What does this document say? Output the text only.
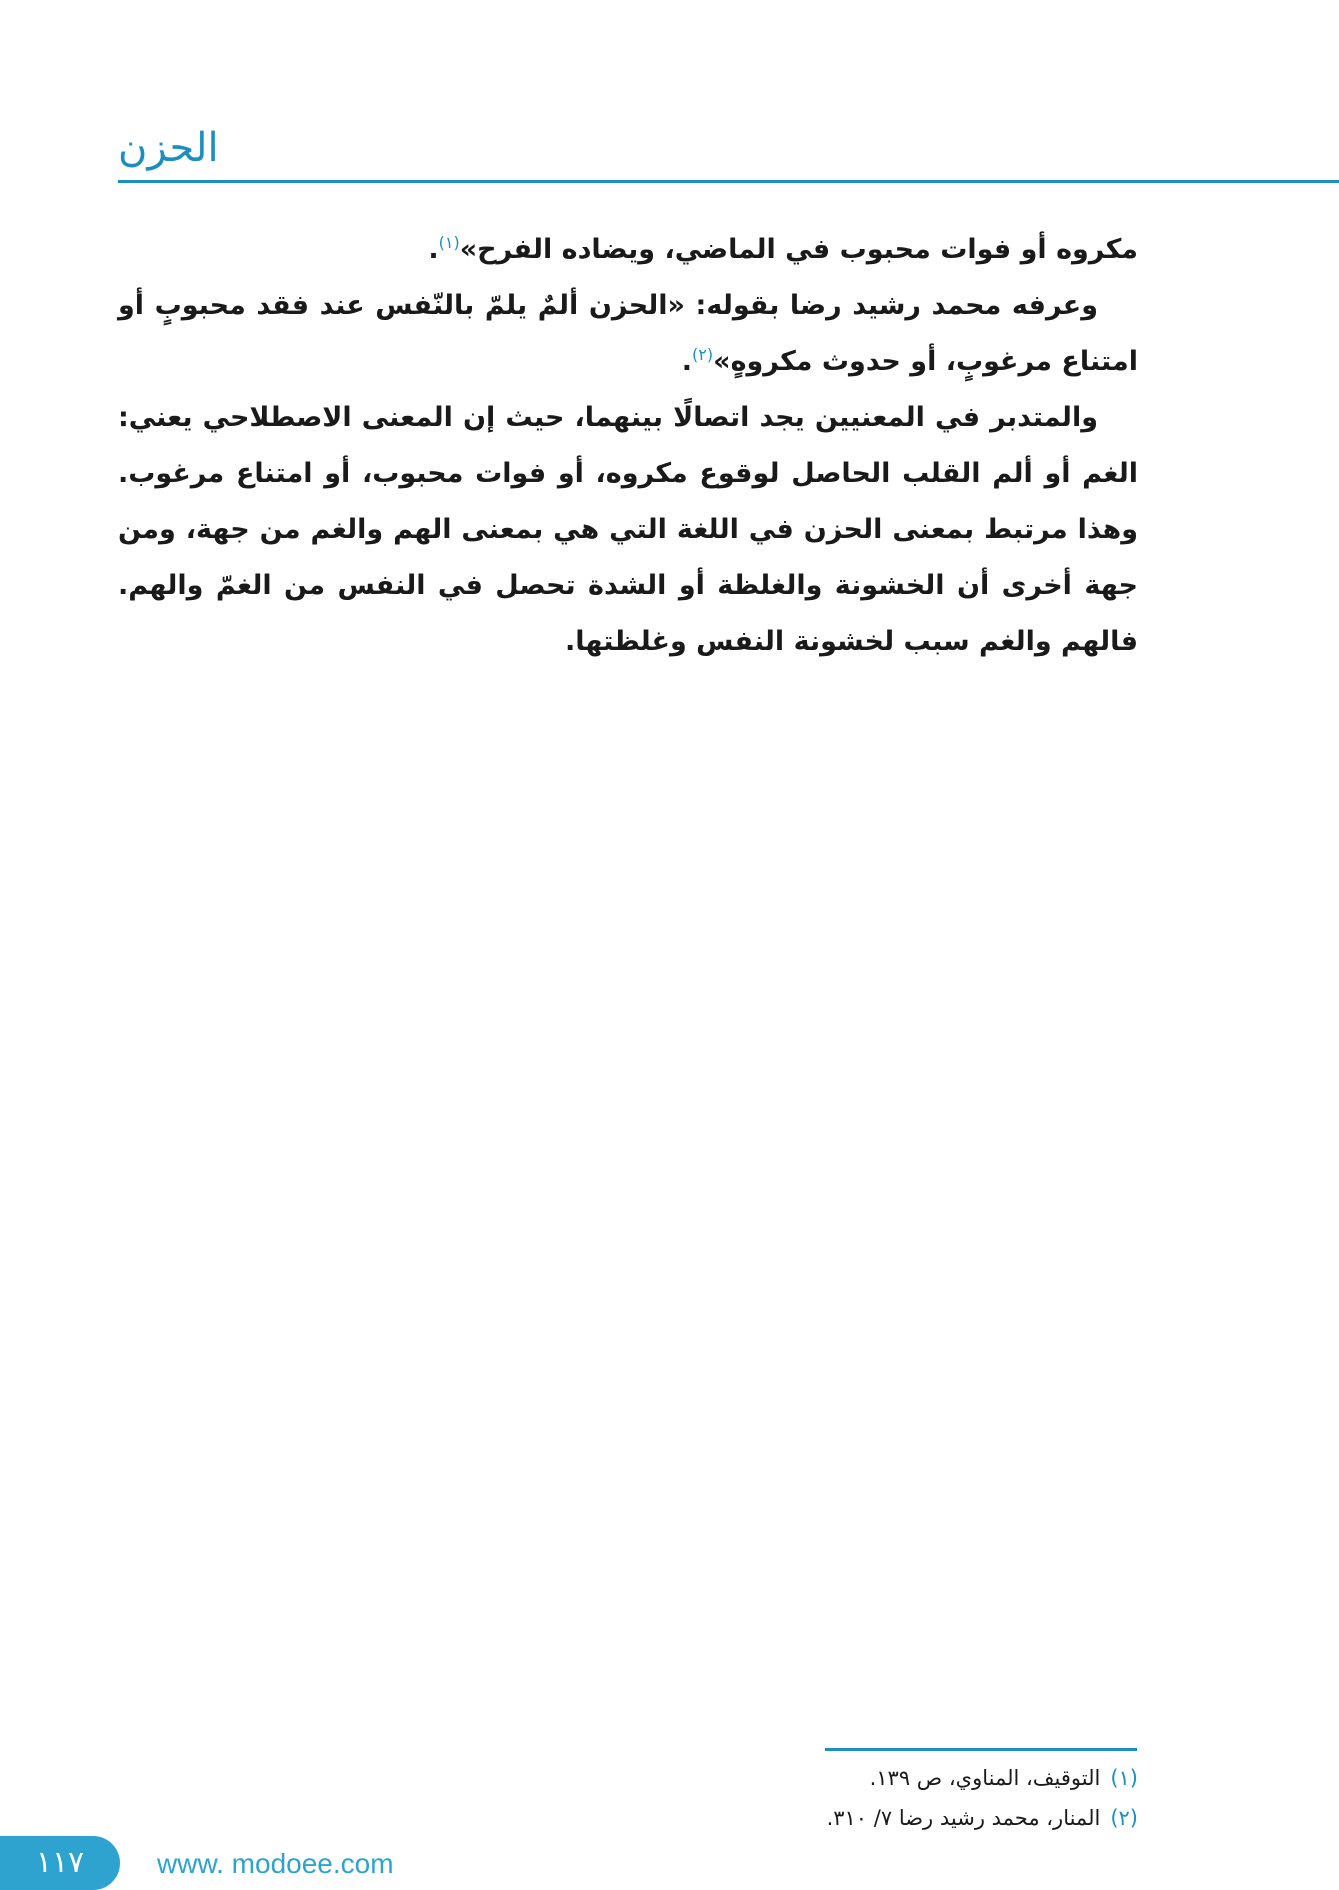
الحزن

مكروه أو فوات محبوب في الماضي، ويضاده الفرح»$^{(١)}$.

وعرفه محمد رشيد رضا بقوله: «الحزن ألمٌ يلمّ بالنّفس عند فقد محبوبٍ أو امتناع مرغوبٍ، أو حدوث مكروهٍ»$^{(٢)}$.

والمتدبر في المعنيين يجد اتصالًا بينهما، حيث إن المعنى الاصطلاحي يعني: الغم أو ألم القلب الحاصل لوقوع مكروه، أو فوات محبوب، أو امتناع مرغوب. وهذا مرتبط بمعنى الحزن في اللغة التي هي بمعنى الهم والغم من جهة، ومن جهة أخرى أن الخشونة والغلظة أو الشدة تحصل في النفس من الغمّ والهم. فالهم والغم سبب لخشونة النفس وغلظتها.

(١)التوقيف، المناوي، ص ١٣٩.
(٢)المنار، محمد رشيد رضا ٧/ ٣١٠.
١١٧	www. modoee.com
